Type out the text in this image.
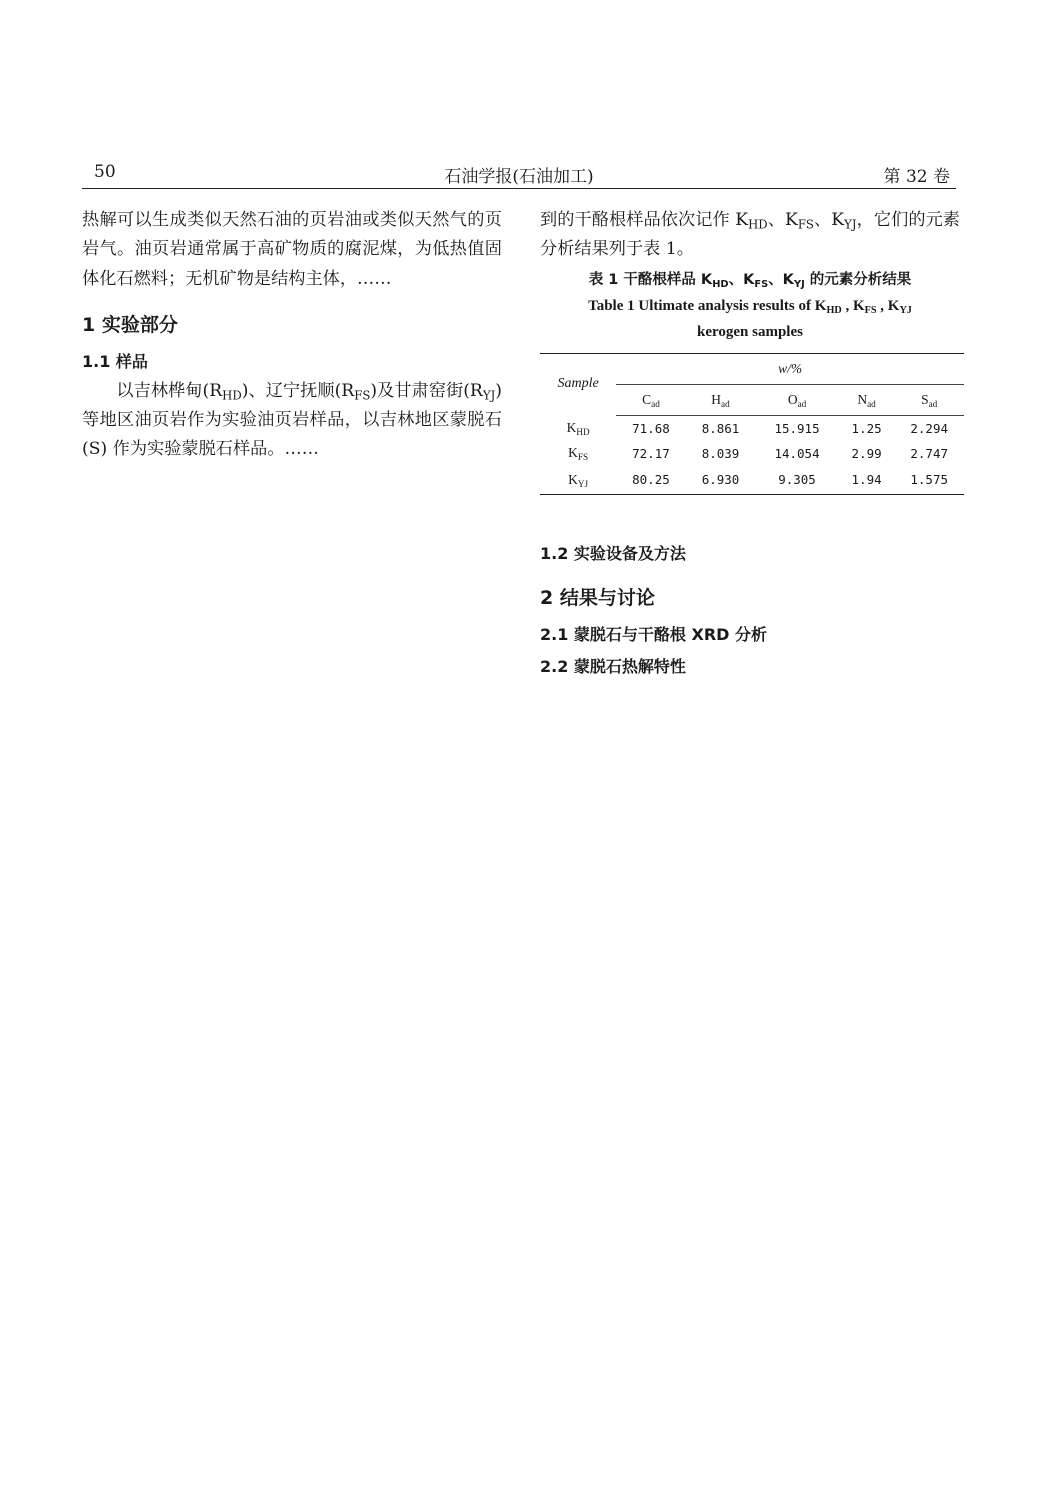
50	石油学报(石油加工)	第 32 卷

热解可以生成类似天然石油的页岩油或类似天然气的页岩气。油页岩通常属于高矿物质的腐泥煤，为低热值固体化石燃料；无机矿物是结构主体，……

1 实验部分
1.1 样品

以吉林桦甸$(R_{HD})$、辽宁抚顺$(R_{FS})$及甘肃窑街$(R_{YJ})$等地区油页岩作为实验油页岩样品，以吉林地区蒙脱石(S) 作为实验蒙脱石样品。……

到的干酪根样品依次记作 $K_{HD}$、$K_{FS}$、$K_{YJ}$，它们的元素分析结果列于表 1。

表 1 干酪根样品 $K_{HD}$、$K_{FS}$、$K_{YJ}$ 的元素分析结果
Table 1 Ultimate analysis results of $K_{HD}$ , $K_{FS}$ , $K_{YJ}$
kerogen samples
Sample	w/%				
	$C_{ad}$	$H_{ad}$	$O_{ad}$	$N_{ad}$	$S_{ad}$
$K_{HD}$	71.68	8.861	15.915	1.25	2.294
$K_{FS}$	72.17	8.039	14.054	2.99	2.747
$K_{YJ}$	80.25	6.930	9.305	1.94	1.575
1.2 实验设备及方法
2 结果与讨论
2.1 蒙脱石与干酪根 XRD 分析
2.2 蒙脱石热解特性
